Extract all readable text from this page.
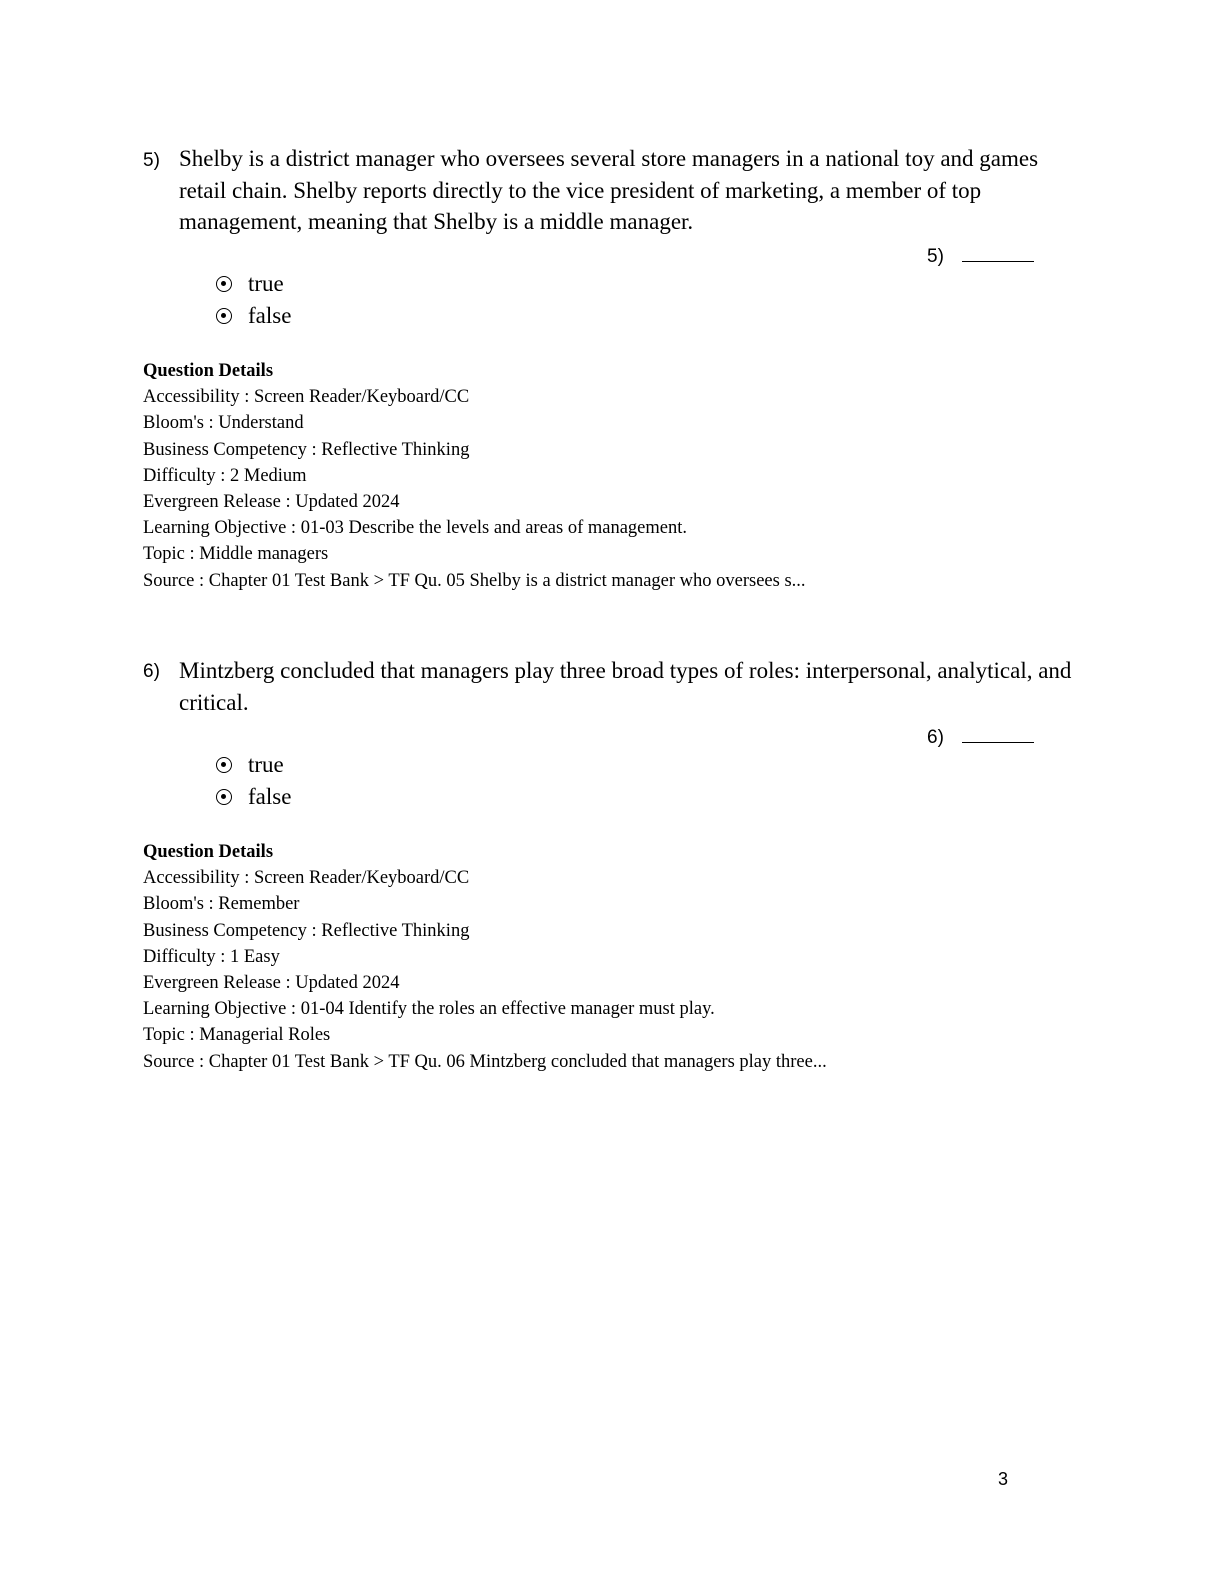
5) Shelby is a district manager who oversees several store managers in a national toy and games retail chain. Shelby reports directly to the vice president of marketing, a member of top management, meaning that Shelby is a middle manager.
5)
true
false
Question Details
Accessibility : Screen Reader/Keyboard/CC
Bloom's : Understand
Business Competency : Reflective Thinking
Difficulty : 2 Medium
Evergreen Release : Updated 2024
Learning Objective : 01-03 Describe the levels and areas of management.
Topic : Middle managers
Source : Chapter 01 Test Bank > TF Qu. 05 Shelby is a district manager who oversees s...
6) Mintzberg concluded that managers play three broad types of roles: interpersonal, analytical, and critical.
6)
true
false
Question Details
Accessibility : Screen Reader/Keyboard/CC
Bloom's : Remember
Business Competency : Reflective Thinking
Difficulty : 1 Easy
Evergreen Release : Updated 2024
Learning Objective : 01-04 Identify the roles an effective manager must play.
Topic : Managerial Roles
Source : Chapter 01 Test Bank > TF Qu. 06 Mintzberg concluded that managers play three...
3
